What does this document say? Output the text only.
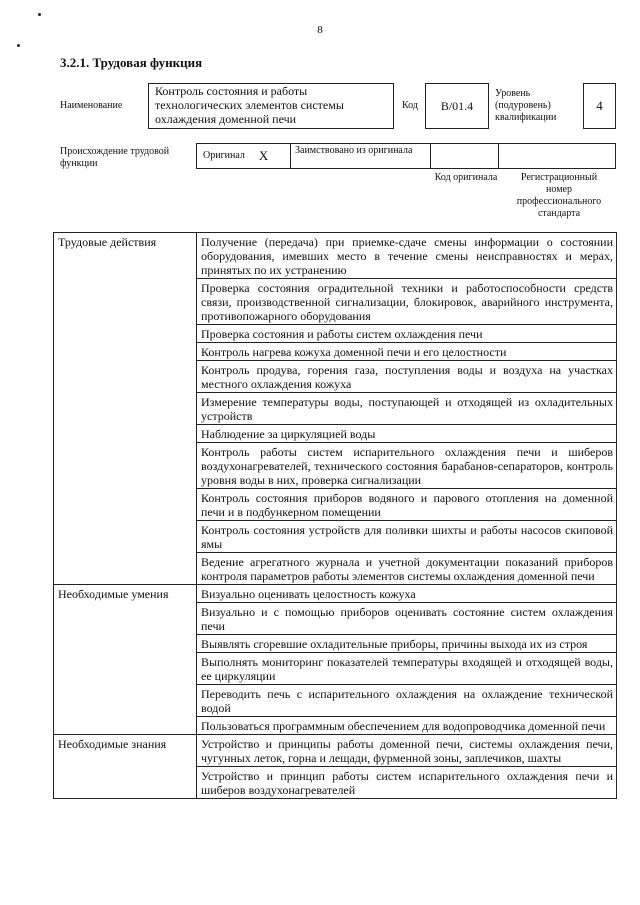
8
3.2.1. Трудовая функция
Наименование
Контроль состояния и работы технологических элементов системы охлаждения доменной печи
Код B/01.4
Уровень (подуровень) квалификации
4
Происхождение трудовой функции
Оригинал X	Заимствовано из оригинала
Код оригинала	Регистрационный номер профессионального стандарта
Трудовые действия	Получение (передача) при приемке-сдаче смены информации о состоянии оборудования, имевших место в течение смены неисправностях и мерах, принятых по их устранению
	Проверка состояния оградительной техники и работоспособности средств связи, производственной сигнализации, блокировок, аварийного инструмента, противопожарного оборудования
	Проверка состояния и работы систем охлаждения печи
	Контроль нагрева кожуха доменной печи и его целостности
	Контроль продува, горения газа, поступления воды и воздуха на участках местного охлаждения кожуха
	Измерение температуры воды, поступающей и отходящей из охладительных устройств
	Наблюдение за циркуляцией воды
	Контроль работы систем испарительного охлаждения печи и шиберов воздухонагревателей, технического состояния барабанов-сепараторов, контроль уровня воды в них, проверка сигнализации
	Контроль состояния приборов водяного и парового отопления на доменной печи и в подбункерном помещении
	Контроль состояния устройств для поливки шихты и работы насосов скиповой ямы
	Ведение агрегатного журнала и учетной документации показаний приборов контроля параметров работы элементов системы охлаждения доменной печи
Необходимые умения	Визуально оценивать целостность кожуха
	Визуально и с помощью приборов оценивать состояние систем охлаждения печи
	Выявлять сгоревшие охладительные приборы, причины выхода их из строя
	Выполнять мониторинг показателей температуры входящей и отходящей воды, ее циркуляции
	Переводить печь с испарительного охлаждения на охлаждение технической водой
	Пользоваться программным обеспечением для водопроводчика доменной печи
Необходимые знания	Устройство и принципы работы доменной печи, системы охлаждения печи, чугунных леток, горна и лещади, фурменной зоны, заплечиков, шахты
	Устройство и принцип работы систем испарительного охлаждения печи и шиберов воздухонагревателей
